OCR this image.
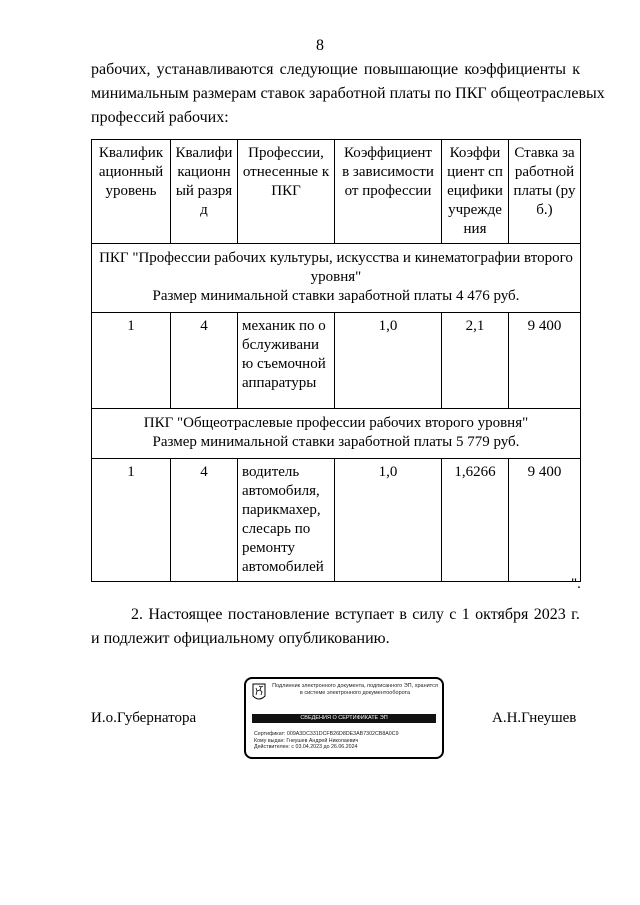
8
рабочих, устанавливаются следующие повышающие коэффициенты к
минимальным размерам ставок заработной платы по ПКГ общеотраслевых
профессий рабочих:
Квалификационный уровень	Квалификационный разряд	Профессии, отнесенные к ПКГ	Коэффициент в зависимости от профессии	Коэффициент специфики учреждения	Ставка заработной платы (руб.)

ПКГ "Профессии рабочих культуры, искусства и кинематографии второго уровня"
Размер минимальной ставки заработной платы 4 476 руб.					

1	4	механик по обслуживанию съемочной аппаратуры	1,0	2,1	9 400

ПКГ "Общеотраслевые профессии рабочих второго уровня"
Размер минимальной ставки заработной платы 5 779 руб.					

1	4	водитель автомобиля, парикмахер, слесарь по ремонту автомобилей	1,0	1,6266	9 400
".
2. Настоящее постановление вступает в силу с 1 октября 2023 г.
и подлежит официальному опубликованию.
И.о.Губернатора
Подлинник электронного документа, подписанного ЭП, хранится в системе электронного документооборота
СВЕДЕНИЯ О СЕРТИФИКАТЕ ЭП
Сертификат: 009A3DC331DCFB26D8DE3AB7302CB8A0C9
Кому выдан: Гнеушев Андрей Николаевич
Действителен: с 03.04.2023 до 26.06.2024
А.Н.Гнеушев
